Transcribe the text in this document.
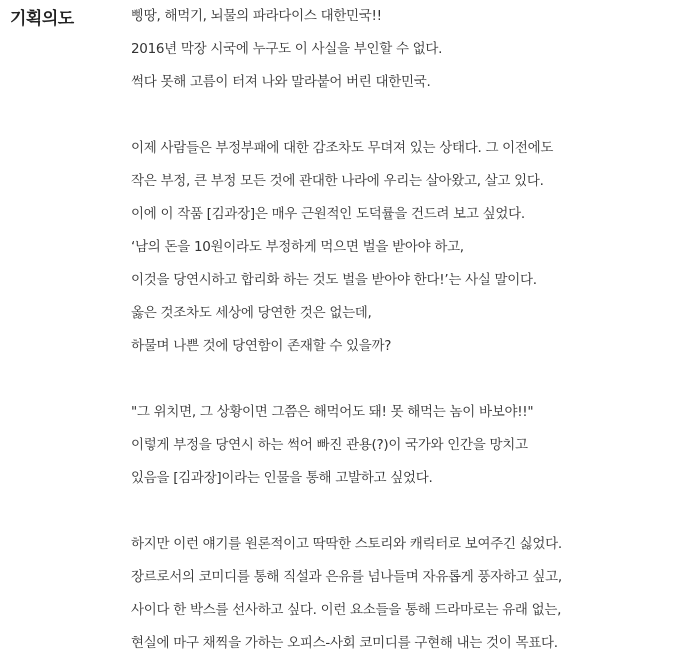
기획의도	삥땅, 해먹기, 뇌물의 파라다이스 대한민국!!
2016년 막장 시국에 누구도 이 사실을 부인할 수 없다.
썩다 못해 고름이 터져 나와 말라붙어 버린 대한민국.
이제 사람들은 부정부패에 대한 감조차도 무뎌져 있는 상태다. 그 이전에도
작은 부정, 큰 부정 모든 것에 관대한 나라에 우리는 살아왔고, 살고 있다.
이에 이 작품 [김과장]은 매우 근원적인 도덕률을 건드려 보고 싶었다.
‘남의 돈을 10원이라도 부정하게 먹으면 벌을 받아야 하고,
이것을 당연시하고 합리화 하는 것도 벌을 받아야 한다!’는 사실 말이다.
옳은 것조차도 세상에 당연한 것은 없는데,
하물며 나쁜 것에 당연함이 존재할 수 있을까?
"그 위치면, 그 상황이면 그쯤은 해먹어도 돼! 못 해먹는 놈이 바보야!!"
이렇게 부정을 당연시 하는 썩어 빠진 관용(?)이 국가와 인간을 망치고
있음을 [김과장]이라는 인물을 통해 고발하고 싶었다.
하지만 이런 얘기를 원론적이고 딱딱한 스토리와 캐릭터로 보여주긴 싫었다.
장르로서의 코미디를 통해 직설과 은유를 넘나들며 자유롭게 풍자하고 싶고,
사이다 한 박스를 선사하고 싶다. 이런 요소들을 통해 드라마로는 유래 없는,
현실에 마구 채찍을 가하는 오피스-사회 코미디를 구현해 내는 것이 목표다.
